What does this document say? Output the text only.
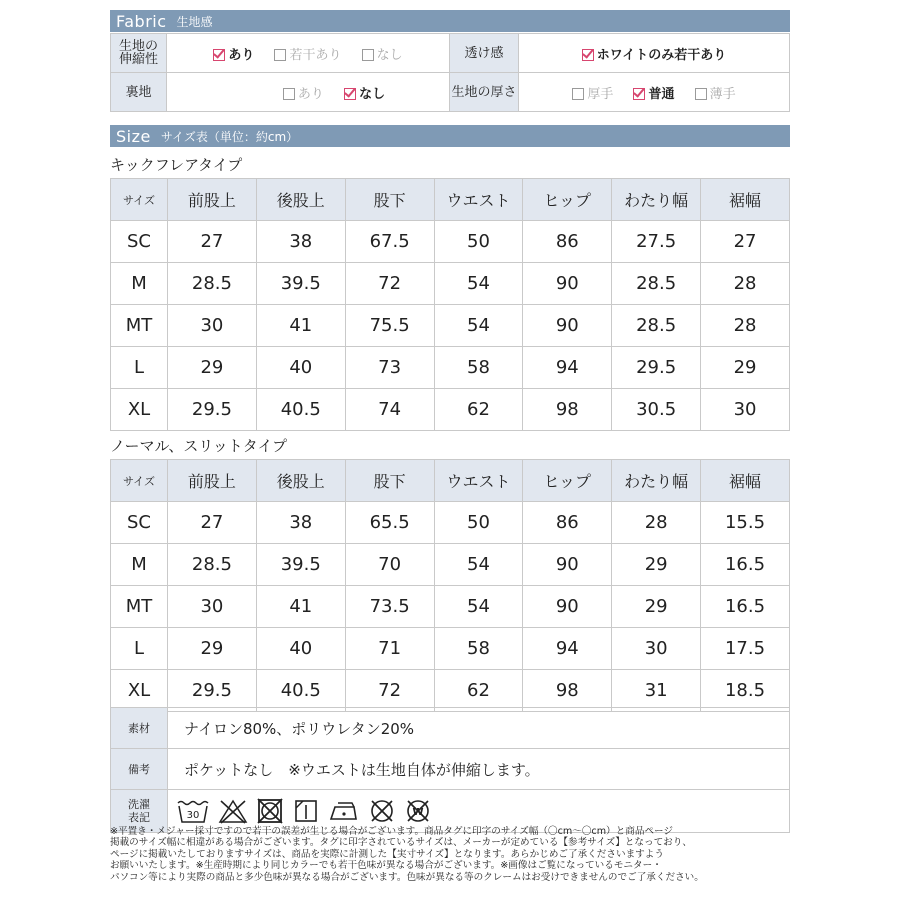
Fabric 生地感
生地の
伸縮性	あり 若干あり なし	透け感	ホワイトのみ若干あり
裏地	あり なし	生地の厚さ	厚手 普通 薄手
Size サイズ表（単位：約cm）
キックフレアタイプ
サイズ	前股上	後股上	股下	ウエスト	ヒップ	わたり幅	裾幅
SC	27	38	67.5	50	86	27.5	27
M	28.5	39.5	72	54	90	28.5	28
MT	30	41	75.5	54	90	28.5	28
L	29	40	73	58	94	29.5	29
XL	29.5	40.5	74	62	98	30.5	30
ノーマル、スリットタイプ
サイズ	前股上	後股上	股下	ウエスト	ヒップ	わたり幅	裾幅
SC	27	38	65.5	50	86	28	15.5
M	28.5	39.5	70	54	90	29	16.5
MT	30	41	73.5	54	90	29	16.5
L	29	40	71	58	94	30	17.5
XL	29.5	40.5	72	62	98	31	18.5
素材	ナイロン80%、ポリウレタン20%
備考	ポケットなし　※ウエストは生地自体が伸縮します。
洗濯
表記	30 W
※平置き・メジャー採寸ですので若干の誤差が生じる場合がございます。商品タグに印字のサイズ幅（〇cm〜〇cm）と商品ページ
掲載のサイズ幅に相違がある場合がございます。タグに印字されているサイズは、メーカーが定めている【参考サイズ】となっており、
ページに掲載いたしておりますサイズは、商品を実際に計測した【実寸サイズ】となります。あらかじめご了承くださいますよう
お願いいたします。※生産時期により同じカラーでも若干色味が異なる場合がございます。※画像はご覧になっているモニター・
パソコン等により実際の商品と多少色味が異なる場合がございます。色味が異なる等のクレームはお受けできませんのでご了承ください。
